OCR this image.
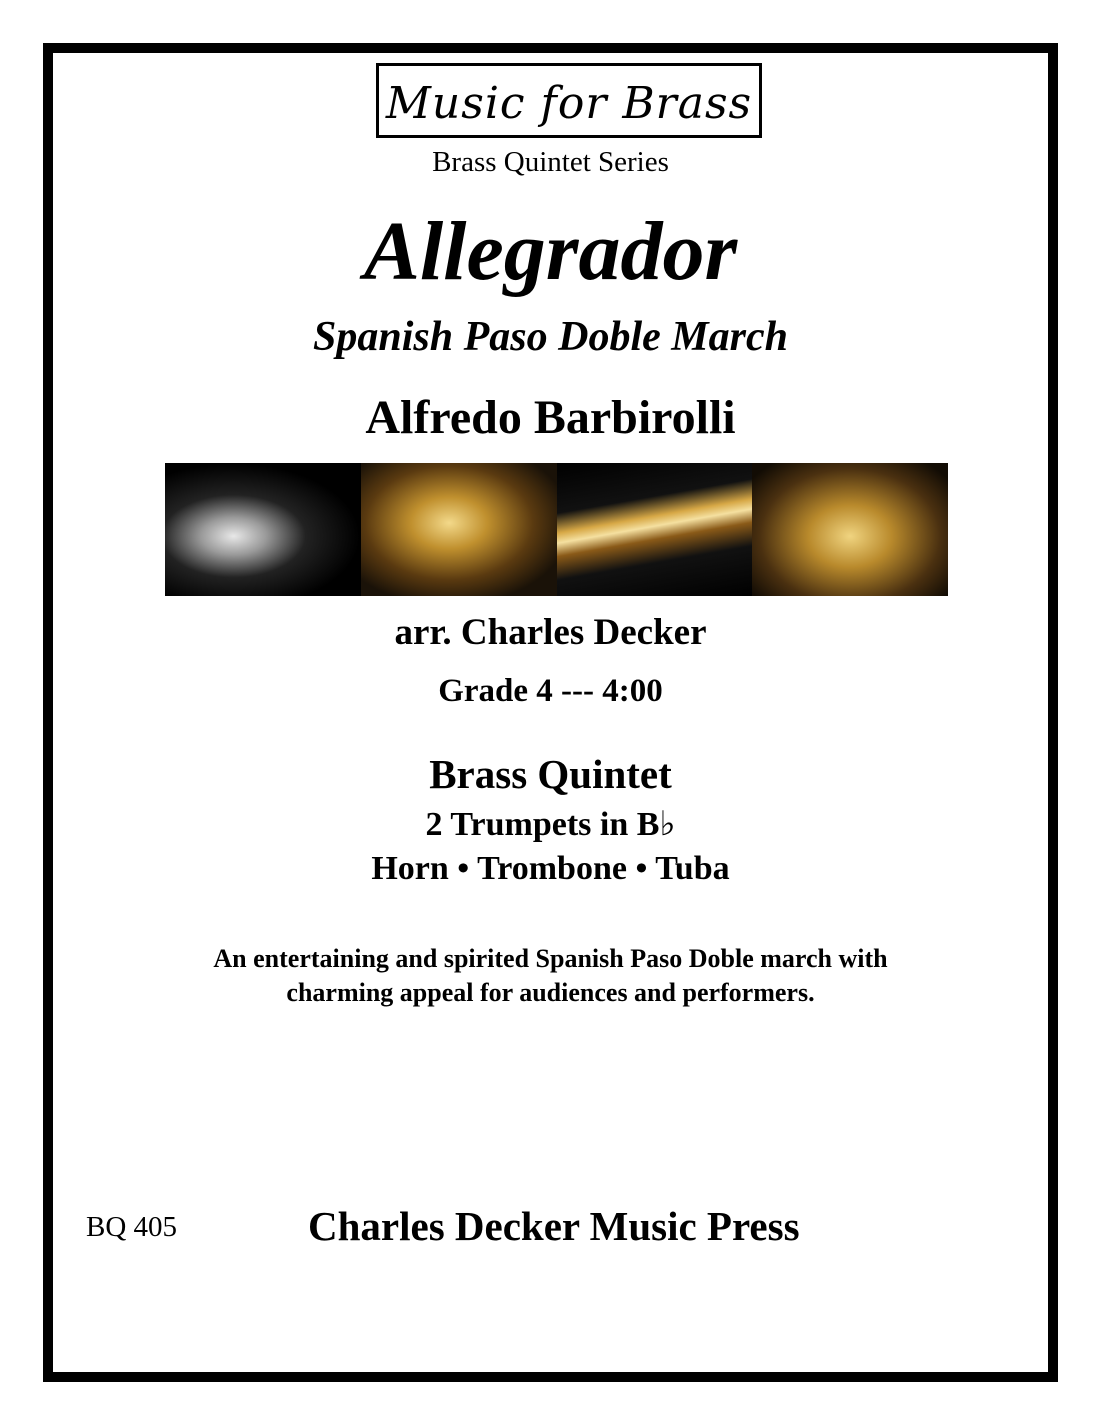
Music for Brass
Brass Quintet Series
Allegrador
Spanish Paso Doble March
Alfredo Barbirolli
arr. Charles Decker
Grade 4 --- 4:00
Brass Quintet
2 Trumpets in B♭
Horn • Trombone • Tuba
An entertaining and spirited Spanish Paso Doble march with
charming appeal for audiences and performers.
BQ 405	Charles Decker Music Press
